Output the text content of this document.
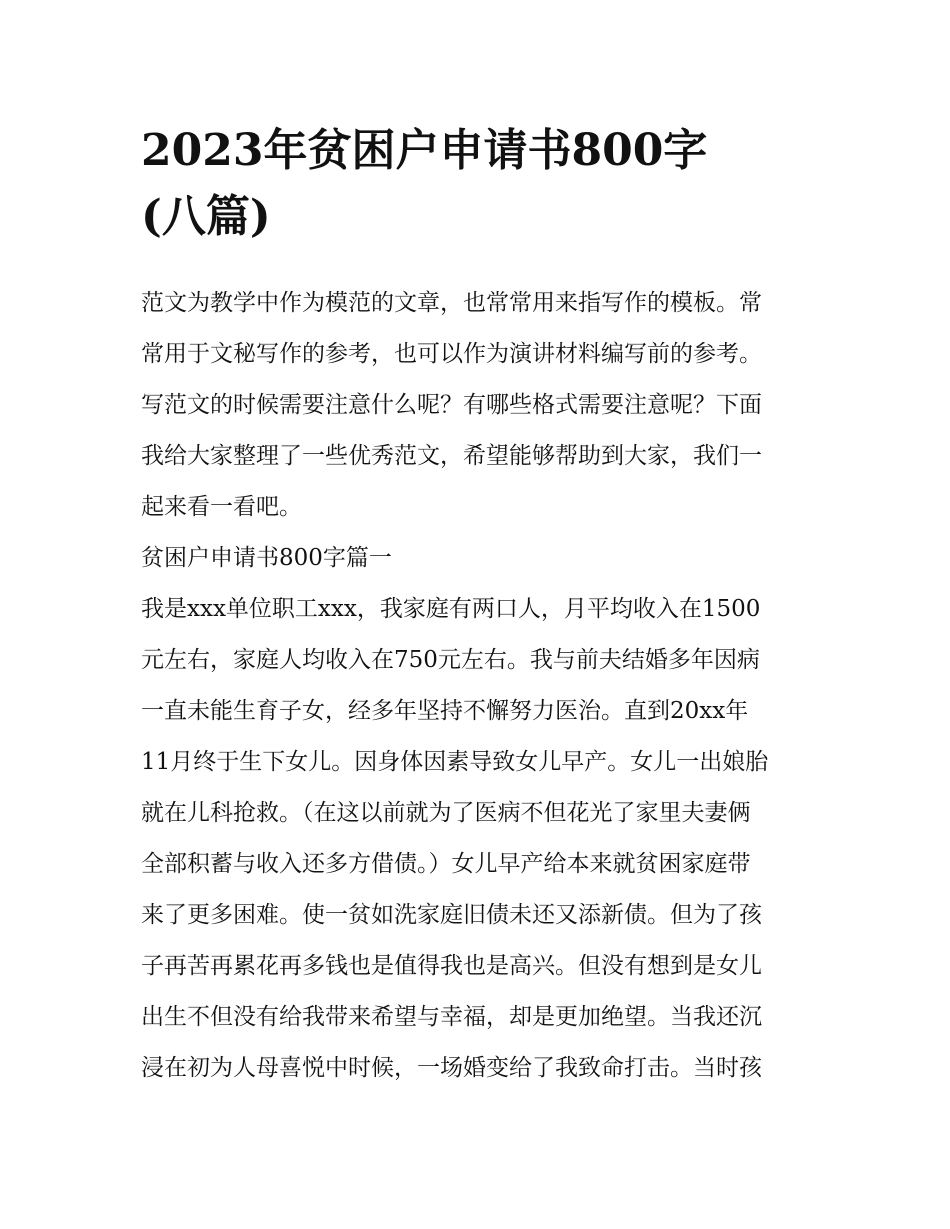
2023年贫困户申请书800字
(八篇)
范文为教学中作为模范的文章，也常常用来指写作的模板。常
常用于文秘写作的参考，也可以作为演讲材料编写前的参考。
写范文的时候需要注意什么呢？有哪些格式需要注意呢？下面
我给大家整理了一些优秀范文，希望能够帮助到大家，我们一
起来看一看吧。
贫困户申请书800字篇一
我是xxx单位职工xxx，我家庭有两口人，月平均收入在1500
元左右，家庭人均收入在750元左右。我与前夫结婚多年因病
一直未能生育子女，经多年坚持不懈努力医治。直到20xx年
11月终于生下女儿。因身体因素导致女儿早产。女儿一出娘胎
就在儿科抢救。（在这以前就为了医病不但花光了家里夫妻俩
全部积蓄与收入还多方借债。）女儿早产给本来就贫困家庭带
来了更多困难。使一贫如洗家庭旧债未还又添新债。但为了孩
子再苦再累花再多钱也是值得我也是高兴。但没有想到是女儿
出生不但没有给我带来希望与幸福，却是更加绝望。当我还沉
浸在初为人母喜悦中时候，一场婚变给了我致命打击。当时孩
